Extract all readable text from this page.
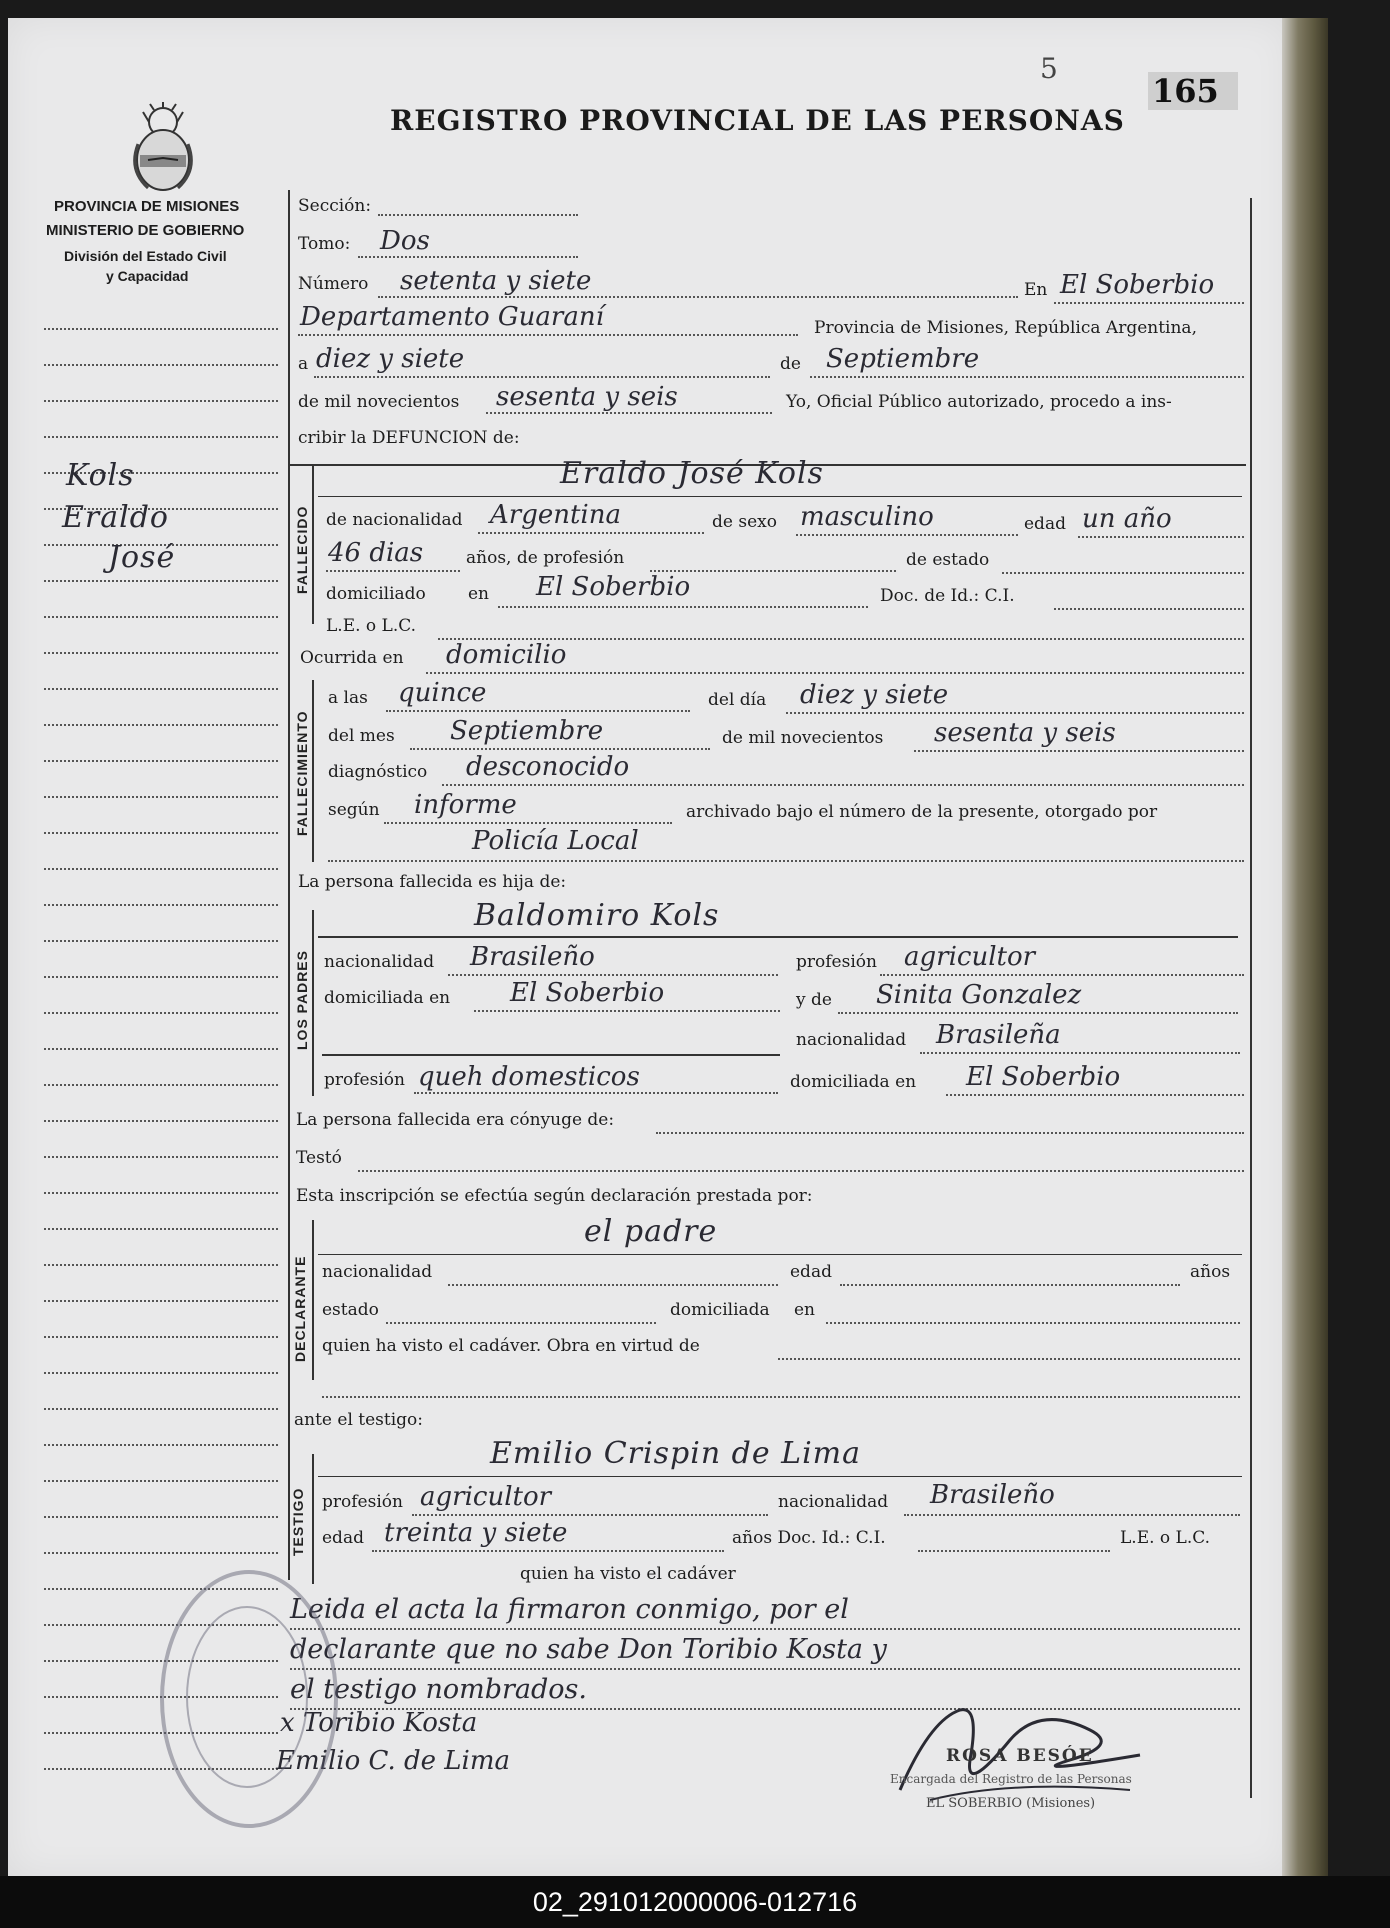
5
165
REGISTRO PROVINCIAL DE LAS PERSONAS
PROVINCIA DE MISIONES
MINISTERIO DE GOBIERNO
División del Estado Civil
y Capacidad
Kols
Eraldo
José
Sección:
Tomo: Dos
Número setenta y siete	En El Soberbio
Departamento Guaraní	Provincia de Misiones, República Argentina,
a diez y siete	de Septiembre
de mil novecientos sesenta y seis	Yo, Oficial Público autorizado, procedo a ins-
cribir la DEFUNCION de:
FALLECIDO
Eraldo José Kols
de nacionalidad Argentina	de sexo masculino	edad un año
46 dias	años, de profesión	de estado
domiciliado en El Soberbio	Doc. de Id.: C.I.
L.E. o L.C.
Ocurrida en domicilio
FALLECIMIENTO
a las quince	del día diez y siete
del mes Septiembre	de mil novecientos sesenta y seis
diagnóstico desconocido
según informe	archivado bajo el número de la presente, otorgado por
Policía Local
La persona fallecida es hija de:
LOS PADRES
Baldomiro Kols
nacionalidad Brasileño	profesión agricultor
domiciliada en El Soberbio	y de Sinita Gonzalez
nacionalidad Brasileña
profesión queh domesticos	domiciliada en El Soberbio
La persona fallecida era cónyuge de:
Testó
Esta inscripción se efectúa según declaración prestada por:
DECLARANTE
el padre
nacionalidad	edad	años
estado	domiciliada en
quien ha visto el cadáver. Obra en virtud de
ante el testigo:
TESTIGO
Emilio Crispin de Lima
profesión agricultor	nacionalidad Brasileño
edad treinta y siete	años Doc. Id.: C.I.	L.E. o L.C.
quien ha visto el cadáver
Leida el acta la firmaron conmigo, por el
declarante que no sabe Don Toribio Kosta y
el testigo nombrados.
x Toribio Kosta
Emilio C. de Lima	ROSA BESÓE
Encargada del Registro de las Personas
EL SOBERBIO (Misiones)
02_291012000006-012716
